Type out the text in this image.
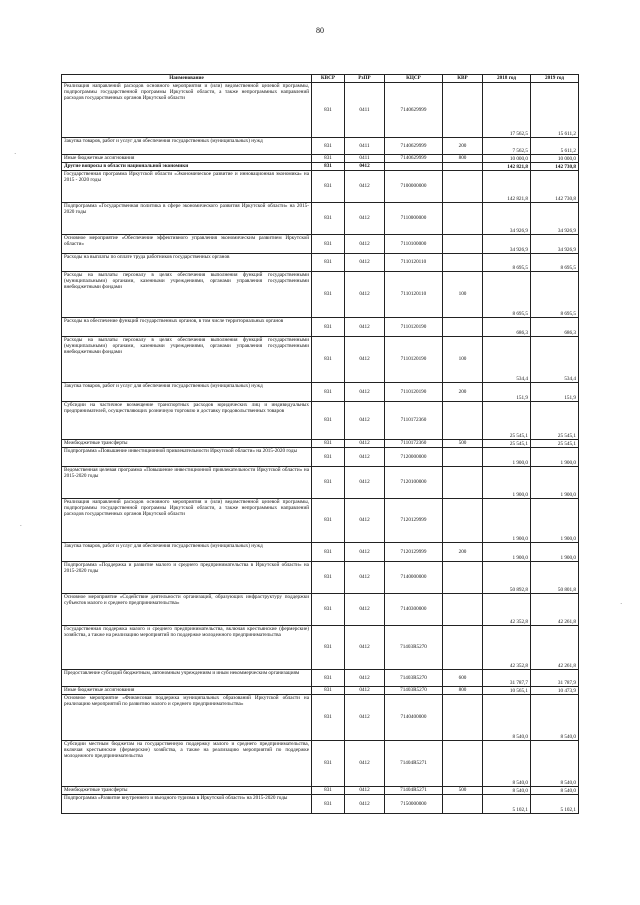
80
·
.
·
Наименование	КВСР	РзПР	КЦСР	КВР	2018 год	2019 год
Реализация направлений расходов основного мероприятия и (или) ведомственной целевой программы, подпрограммы государственной программы Иркутской области, а также непрограммных направлений расходов государственных органов Иркутской области	831	0411	7140629999		17 562,5	15 611,2
Закупка товаров, работ и услуг для обеспечения государственных (муниципальных) нужд	831	0411	7140629999	200	7 562,5	5 611,2
Иные бюджетные ассигнования	831	0411	7140629999	800	10 000,0	10 000,0
Другие вопросы в области национальной экономики	831	0412			142 821,8	142 730,8
Государственная программа Иркутской области «Экономическое развитие и инновационная экономика» на 2015 - 2020 годы	831	0412	7100000000		142 821,8	142 730,8
Подпрограмма «Государственная политика в сфере экономического развития Иркутской области» на 2015-2020 годы	831	0412	7110000000		34 926,9	34 926,9
Основное мероприятие «Обеспечение эффективного управления экономическим развитием Иркутской области»	831	0412	7110100000		34 926,9	34 926,9
Расходы на выплаты по оплате труда работников государственных органов	831	0412	7110120110		8 695,5	8 695,5
Расходы на выплаты персоналу в целях обеспечения выполнения функций государственными (муниципальными) органами, казенными учреждениями, органами управления государственными внебюджетными фондами	831	0412	7110120110	100	8 695,5	8 695,5
Расходы на обеспечение функций государственных органов, в том числе территориальных органов	831	0412	7110120190		686,3	686,3
Расходы на выплаты персоналу в целях обеспечения выполнения функций государственными (муниципальными) органами, казенными учреждениями, органами управления государственными внебюджетными фондами	831	0412	7110120190	100	534,4	534,4
Закупка товаров, работ и услуг для обеспечения государственных (муниципальных) нужд	831	0412	7110120190	200	151,9	151,9
Субсидии на частичное возмещение транспортных расходов юридических лиц и индивидуальных предпринимателей, осуществляющих розничную торговлю и доставку продовольственных товаров	831	0412	7110172360		25 545,1	25 545,1
Межбюджетные трансферты	831	0412	7110172360	500	25 545,1	25 545,1
Подпрограмма «Повышение инвестиционной привлекательности Иркутской области» на 2015-2020 годы	831	0412	7120000000		1 900,0	1 900,0
Ведомственная целевая программа «Повышение инвестиционной привлекательности Иркутской области» на 2015-2020 годы	831	0412	7120100000		1 900,0	1 900,0
Реализация направлений расходов основного мероприятия и (или) ведомственной целевой программы, подпрограммы государственной программы Иркутской области, а также непрограммных направлений расходов государственных органов Иркутской области	831	0412	7120129999		1 900,0	1 900,0
Закупка товаров, работ и услуг для обеспечения государственных (муниципальных) нужд	831	0412	7120129999	200	1 900,0	1 900,0
Подпрограмма «Поддержка и развитие малого и среднего предпринимательства в Иркутской области» на 2015-2020 годы	831	0412	7140000000		50 892,8	50 801,8
Основное мероприятие «Содействие деятельности организаций, образующих инфраструктуру поддержки субъектов малого и среднего предпринимательства»	831	0412	7140300000		42 352,8	42 261,8
Государственная поддержка малого и среднего предпринимательства, включая крестьянские (фермерские) хозяйства, а также на реализацию мероприятий по поддержке молодежного предпринимательства	831	0412	71403R5270		42 352,8	42 261,8
Предоставление субсидий бюджетным, автономным учреждениям и иным некоммерческим организациям	831	0412	71403R5270	600	31 787,7	31 787,9
Иные бюджетные ассигнования	831	0412	71403R5270	800	10 565,1	10 473,9
Основное мероприятие «Финансовая поддержка муниципальных образований Иркутской области на реализацию мероприятий по развитию малого и среднего предпринимательства»	831	0412	7140400000		8 540,0	8 540,0
Субсидии местным бюджетам на государственную поддержку малого и среднего предпринимательства, включая крестьянские (фермерские) хозяйства, а также на реализацию мероприятий по поддержке молодежного предпринимательства	831	0412	71404R5271		8 540,0	8 540,0
Межбюджетные трансферты	831	0412	71404R5271	500	8 540,0	8 540,0
Подпрограмма «Развитие внутреннего и въездного туризма в Иркутской области» на 2015-2020 годы	831	0412	7150000000		5 102,1	5 102,1
